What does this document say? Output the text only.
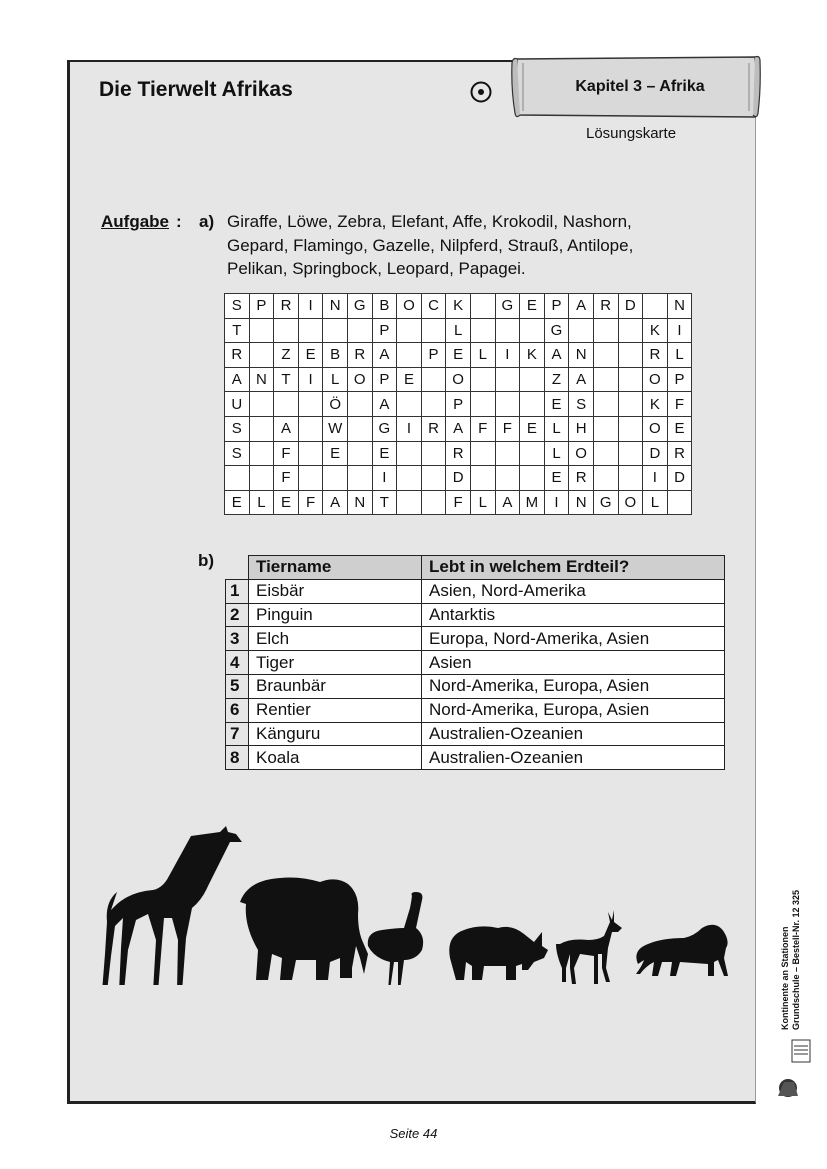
Die Tierwelt Afrikas	Kapitel 3 – Afrika
Lösungskarte
Aufgabe : a) Giraffe, Löwe, Zebra, Elefant, Affe, Krokodil, Nashorn, Gepard, Flamingo, Gazelle, Nilpferd, Strauß, Antilope, Pelikan, Springbock, Leopard, Papagei.
S	P	R	I	N	G	B	O	C	K		G	E	P	A	R	D		N
T						P			L				G				K	I
R		Z	E	B	R	A		P	E	L	I	K	A	N			R	L
A	N	T	I	L	O	P	E		O				Z	A			O	P
U				Ö		A			P				E	S			K	F
S		A		W		G	I	R	A	F	F	E	L	H			O	E
S		F		E		E			R				L	O			D	R
		F				I			D				E	R			I	D
E	L	E	F	A	N	T			F	L	A	M	I	N	G	O	L	
b)
	Tiername	Lebt in welchem Erdteil?
1	Eisbär	Asien, Nord-Amerika
2	Pinguin	Antarktis
3	Elch	Europa, Nord-Amerika, Asien
4	Tiger	Asien
5	Braunbär	Nord-Amerika, Europa, Asien
6	Rentier	Nord-Amerika, Europa, Asien
7	Känguru	Australien-Ozeanien
8	Koala	Australien-Ozeanien
Kontinente an Stationen Grundschule – Bestell-Nr. 12 325
Seite 44
